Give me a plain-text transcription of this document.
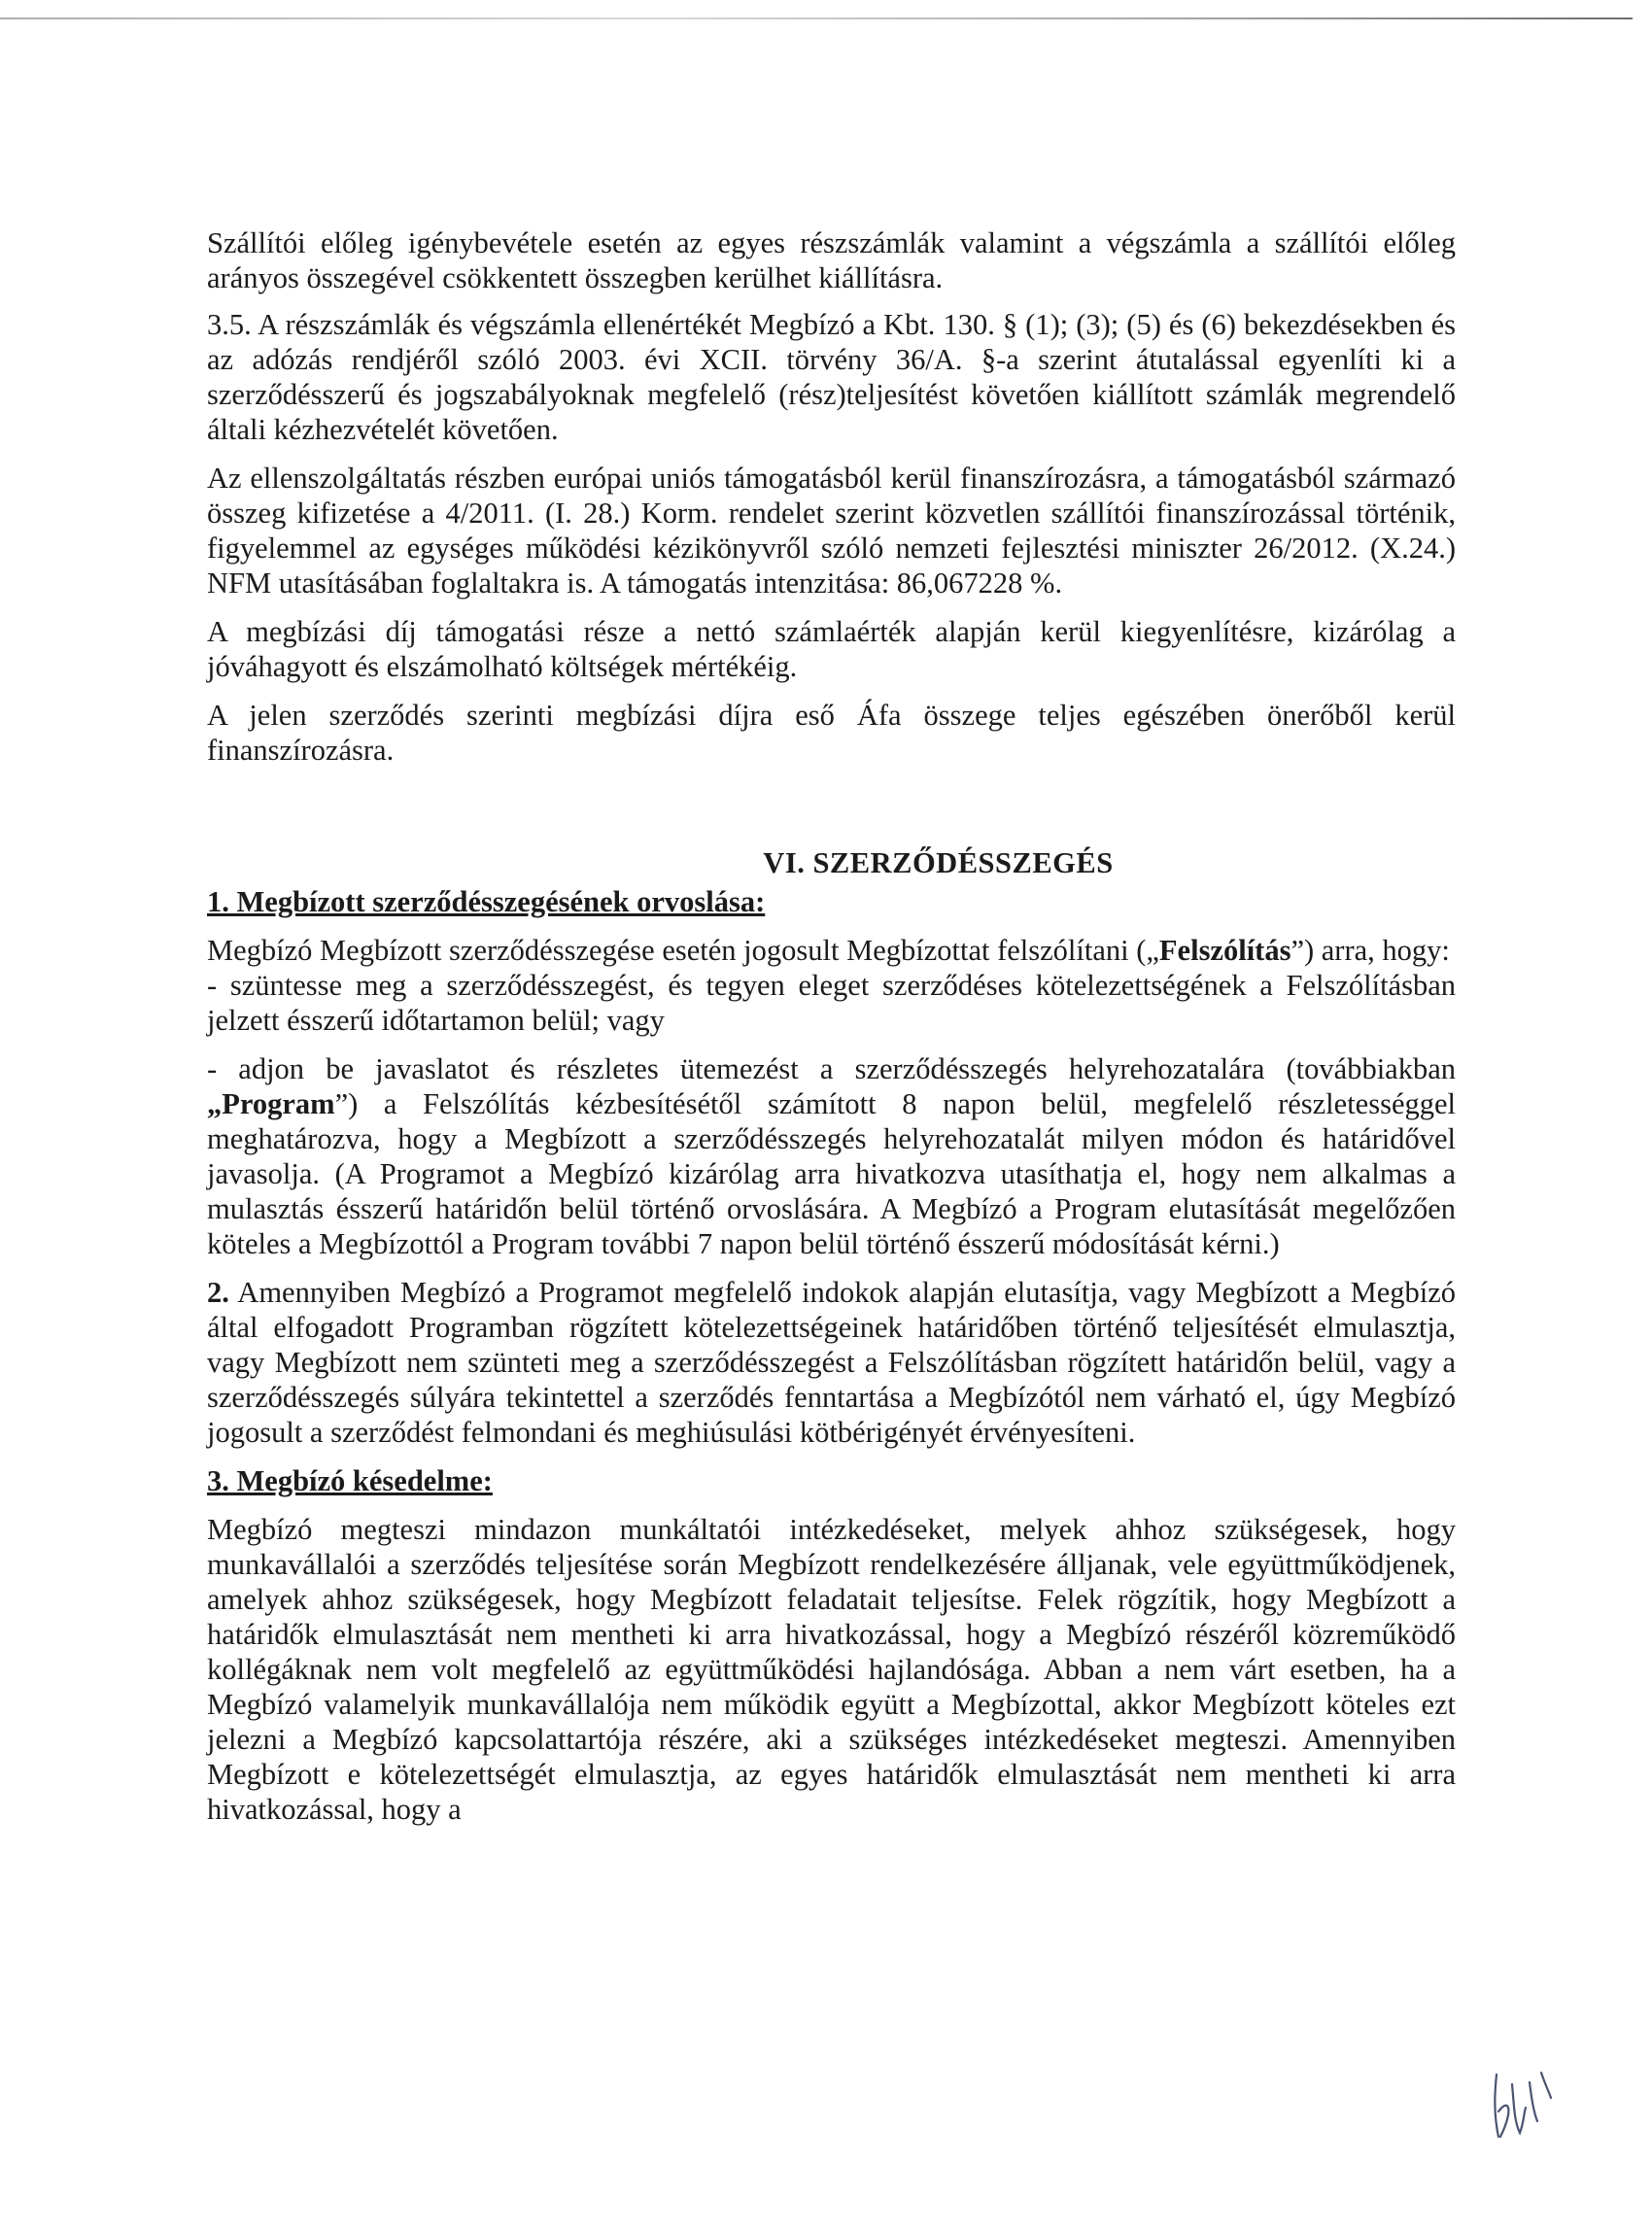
Szállítói előleg igénybevétele esetén az egyes részszámlák valamint a végszámla a szállítói előleg arányos összegével csökkentett összegben kerülhet kiállításra.

3.5. A részszámlák és végszámla ellenértékét Megbízó a Kbt. 130. § (1); (3); (5) és (6) bekezdésekben és az adózás rendjéről szóló 2003. évi XCII. törvény 36/A. §-a szerint átutalással egyenlíti ki a szerződésszerű és jogszabályoknak megfelelő (rész)teljesítést követően kiállított számlák megrendelő általi kézhezvételét követően.

Az ellenszolgáltatás részben európai uniós támogatásból kerül finanszírozásra, a támogatásból származó összeg kifizetése a 4/2011. (I. 28.) Korm. rendelet szerint közvetlen szállítói finanszírozással történik, figyelemmel az egységes működési kézikönyvről szóló nemzeti fejlesztési miniszter 26/2012. (X.24.) NFM utasításában foglaltakra is. A támogatás intenzitása: 86,067228 %.

A megbízási díj támogatási része a nettó számlaérték alapján kerül kiegyenlítésre, kizárólag a jóváhagyott és elszámolható költségek mértékéig.

A jelen szerződés szerinti megbízási díjra eső Áfa összege teljes egészében önerőből kerül finanszírozásra.

VI. SZERZŐDÉSSZEGÉS
1. Megbízott szerződésszegésének orvoslása:

Megbízó Megbízott szerződésszegése esetén jogosult Megbízottat felszólítani („Felszólítás”) arra, hogy:

- szüntesse meg a szerződésszegést, és tegyen eleget szerződéses kötelezettségének a Felszólításban jelzett ésszerű időtartamon belül; vagy

- adjon be javaslatot és részletes ütemezést a szerződésszegés helyrehozatalára (továbbiakban „Program”) a Felszólítás kézbesítésétől számított 8 napon belül, megfelelő részletességgel meghatározva, hogy a Megbízott a szerződésszegés helyrehozatalát milyen módon és határidővel javasolja. (A Programot a Megbízó kizárólag arra hivatkozva utasíthatja el, hogy nem alkalmas a mulasztás ésszerű határidőn belül történő orvoslására. A Megbízó a Program elutasítását megelőzően köteles a Megbízottól a Program további 7 napon belül történő ésszerű módosítását kérni.)

2. Amennyiben Megbízó a Programot megfelelő indokok alapján elutasítja, vagy Megbízott a Megbízó által elfogadott Programban rögzített kötelezettségeinek határidőben történő teljesítését elmulasztja, vagy Megbízott nem szünteti meg a szerződésszegést a Felszólításban rögzített határidőn belül, vagy a szerződésszegés súlyára tekintettel a szerződés fenntartása a Megbízótól nem várható el, úgy Megbízó jogosult a szerződést felmondani és meghiúsulási kötbérigényét érvényesíteni.

3. Megbízó késedelme:

Megbízó megteszi mindazon munkáltatói intézkedéseket, melyek ahhoz szükségesek, hogy munkavállalói a szerződés teljesítése során Megbízott rendelkezésére álljanak, vele együttműködjenek, amelyek ahhoz szükségesek, hogy Megbízott feladatait teljesítse. Felek rögzítik, hogy Megbízott a határidők elmulasztását nem mentheti ki arra hivatkozással, hogy a Megbízó részéről közreműködő kollégáknak nem volt megfelelő az együttműködési hajlandósága. Abban a nem várt esetben, ha a Megbízó valamelyik munkavállalója nem működik együtt a Megbízottal, akkor Megbízott köteles ezt jelezni a Megbízó kapcsolattartója részére, aki a szükséges intézkedéseket megteszi. Amennyiben Megbízott e kötelezettségét elmulasztja, az egyes határidők elmulasztását nem mentheti ki arra hivatkozással, hogy a
